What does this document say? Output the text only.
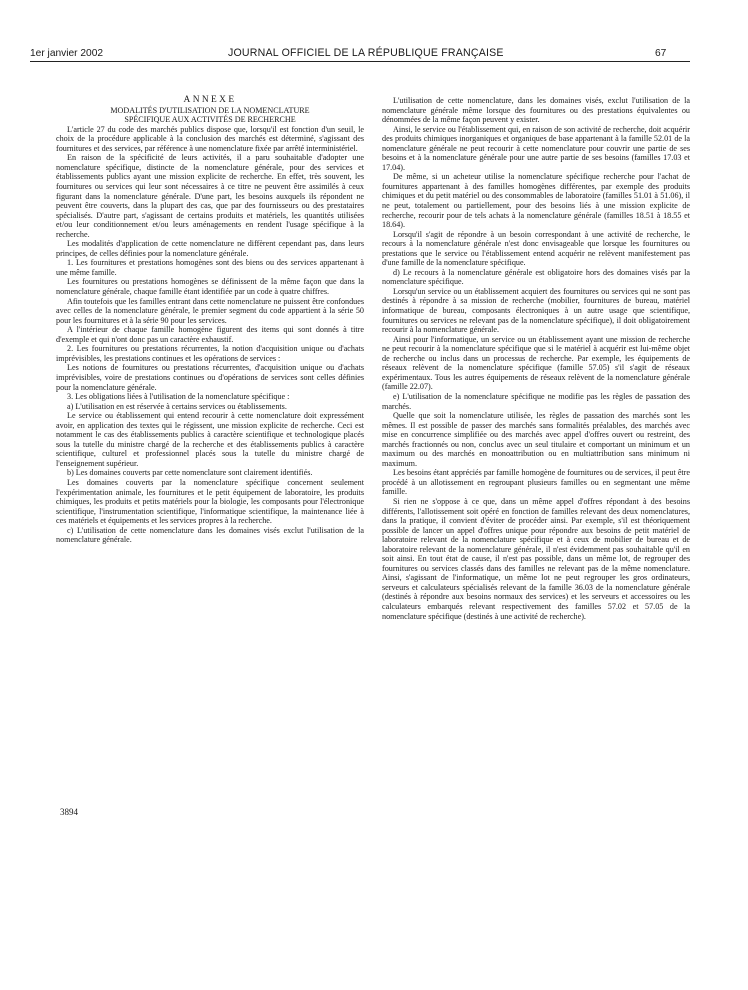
1er janvier 2002	JOURNAL OFFICIEL DE LA RÉPUBLIQUE FRANÇAISE	67

ANNEXE

MODALITÉS D'UTILISATION DE LA NOMENCLATURE
SPÉCIFIQUE AUX ACTIVITÉS DE RECHERCHE

L'article 27 du code des marchés publics dispose que, lorsqu'il est fonction d'un seuil, le choix de la procédure applicable à la conclusion des marchés est déterminé, s'agissant des fournitures et des services, par référence à une nomenclature fixée par arrêté interministériel.

En raison de la spécificité de leurs activités, il a paru souhaitable d'adopter une nomenclature spécifique, distincte de la nomenclature générale, pour des services et établissements publics ayant une mission explicite de recherche. En effet, très souvent, les fournitures ou services qui leur sont nécessaires à ce titre ne peuvent être assimilés à ceux figurant dans la nomenclature générale. D'une part, les besoins auxquels ils répondent ne peuvent être couverts, dans la plupart des cas, que par des fournisseurs ou des prestataires spécialisés. D'autre part, s'agissant de certains produits et matériels, les quantités utilisées et/ou leur conditionnement et/ou leurs aménagements en rendent l'usage spécifique à la recherche.

Les modalités d'application de cette nomenclature ne diffèrent cependant pas, dans leurs principes, de celles définies pour la nomenclature générale.

1. Les fournitures et prestations homogènes sont des biens ou des services appartenant à une même famille.

Les fournitures ou prestations homogènes se définissent de la même façon que dans la nomenclature générale, chaque famille étant identifiée par un code à quatre chiffres.

Afin toutefois que les familles entrant dans cette nomenclature ne puissent être confondues avec celles de la nomenclature générale, le premier segment du code appartient à la série 50 pour les fournitures et à la série 90 pour les services.

A l'intérieur de chaque famille homogène figurent des items qui sont donnés à titre d'exemple et qui n'ont donc pas un caractère exhaustif.

2. Les fournitures ou prestations récurrentes, la notion d'acquisition unique ou d'achats imprévisibles, les prestations continues et les opérations de services :

Les notions de fournitures ou prestations récurrentes, d'acquisition unique ou d'achats imprévisibles, voire de prestations continues ou d'opérations de services sont celles définies pour la nomenclature générale.

3. Les obligations liées à l'utilisation de la nomenclature spécifique :

a) L'utilisation en est réservée à certains services ou établissements.

Le service ou établissement qui entend recourir à cette nomenclature doit expressément avoir, en application des textes qui le régissent, une mission explicite de recherche. Ceci est notamment le cas des établissements publics à caractère scientifique et technologique placés sous la tutelle du ministre chargé de la recherche et des établissements publics à caractère scientifique, culturel et professionnel placés sous la tutelle du ministre chargé de l'enseignement supérieur.

b) Les domaines couverts par cette nomenclature sont clairement identifiés.

Les domaines couverts par la nomenclature spécifique concernent seulement l'expérimentation animale, les fournitures et le petit équipement de laboratoire, les produits chimiques, les produits et petits matériels pour la biologie, les composants pour l'électronique scientifique, l'instrumentation scientifique, l'informatique scientifique, la maintenance liée à ces matériels et équipements et les services propres à la recherche.

c) L'utilisation de cette nomenclature dans les domaines visés exclut l'utilisation de la nomenclature générale.

L'utilisation de cette nomenclature, dans les domaines visés, exclut l'utilisation de la nomenclature générale même lorsque des fournitures ou des prestations équivalentes ou dénommées de la même façon peuvent y exister.

Ainsi, le service ou l'établissement qui, en raison de son activité de recherche, doit acquérir des produits chimiques inorganiques et organiques de base appartenant à la famille 52.01 de la nomenclature générale ne peut recourir à cette nomenclature pour couvrir une partie de ses besoins et à la nomenclature générale pour une autre partie de ses besoins (familles 17.03 et 17.04).

De même, si un acheteur utilise la nomenclature spécifique recherche pour l'achat de fournitures appartenant à des familles homogènes différentes, par exemple des produits chimiques et du petit matériel ou des consommables de laboratoire (familles 51.01 à 51.06), il ne peut, totalement ou partiellement, pour des besoins liés à une mission explicite de recherche, recourir pour de tels achats à la nomenclature générale (familles 18.51 à 18.55 et 18.64).

Lorsqu'il s'agit de répondre à un besoin correspondant à une activité de recherche, le recours à la nomenclature générale n'est donc envisageable que lorsque les fournitures ou prestations que le service ou l'établissement entend acquérir ne relèvent manifestement pas d'une famille de la nomenclature spécifique.

d) Le recours à la nomenclature générale est obligatoire hors des domaines visés par la nomenclature spécifique.

Lorsqu'un service ou un établissement acquiert des fournitures ou services qui ne sont pas destinés à répondre à sa mission de recherche (mobilier, fournitures de bureau, matériel informatique de bureau, composants électroniques à un autre usage que scientifique, fournitures ou services ne relevant pas de la nomenclature spécifique), il doit obligatoirement recourir à la nomenclature générale.

Ainsi pour l'informatique, un service ou un établissement ayant une mission de recherche ne peut recourir à la nomenclature spécifique que si le matériel à acquérir est lui-même objet de recherche ou inclus dans un processus de recherche. Par exemple, les équipements de réseaux relèvent de la nomenclature spécifique (famille 57.05) s'il s'agit de réseaux expérimentaux. Tous les autres équipements de réseaux relèvent de la nomenclature générale (famille 22.07).

e) L'utilisation de la nomenclature spécifique ne modifie pas les règles de passation des marchés.

Quelle que soit la nomenclature utilisée, les règles de passation des marchés sont les mêmes. Il est possible de passer des marchés sans formalités préalables, des marchés avec mise en concurrence simplifiée ou des marchés avec appel d'offres ouvert ou restreint, des marchés fractionnés ou non, conclus avec un seul titulaire et comportant un minimum et un maximum ou des marchés en monoattribution ou en multiattribution sans minimum ni maximum.

Les besoins étant appréciés par famille homogène de fournitures ou de services, il peut être procédé à un allotissement en regroupant plusieurs familles ou en segmentant une même famille.

Si rien ne s'oppose à ce que, dans un même appel d'offres répondant à des besoins différents, l'allotissement soit opéré en fonction de familles relevant des deux nomenclatures, dans la pratique, il convient d'éviter de procéder ainsi. Par exemple, s'il est théoriquement possible de lancer un appel d'offres unique pour répondre aux besoins de petit matériel de laboratoire relevant de la nomenclature spécifique et à ceux de mobilier de bureau et de laboratoire relevant de la nomenclature générale, il n'est évidemment pas souhaitable qu'il en soit ainsi. En tout état de cause, il n'est pas possible, dans un même lot, de regrouper des fournitures ou services classés dans des familles ne relevant pas de la même nomenclature. Ainsi, s'agissant de l'informatique, un même lot ne peut regrouper les gros ordinateurs, serveurs et calculateurs spécialisés relevant de la famille 36.03 de la nomenclature générale (destinés à répondre aux besoins normaux des services) et les serveurs et accessoires ou les calculateurs embarqués relevant respectivement des familles 57.02 et 57.05 de la nomenclature spécifique (destinés à une activité de recherche).

3894
